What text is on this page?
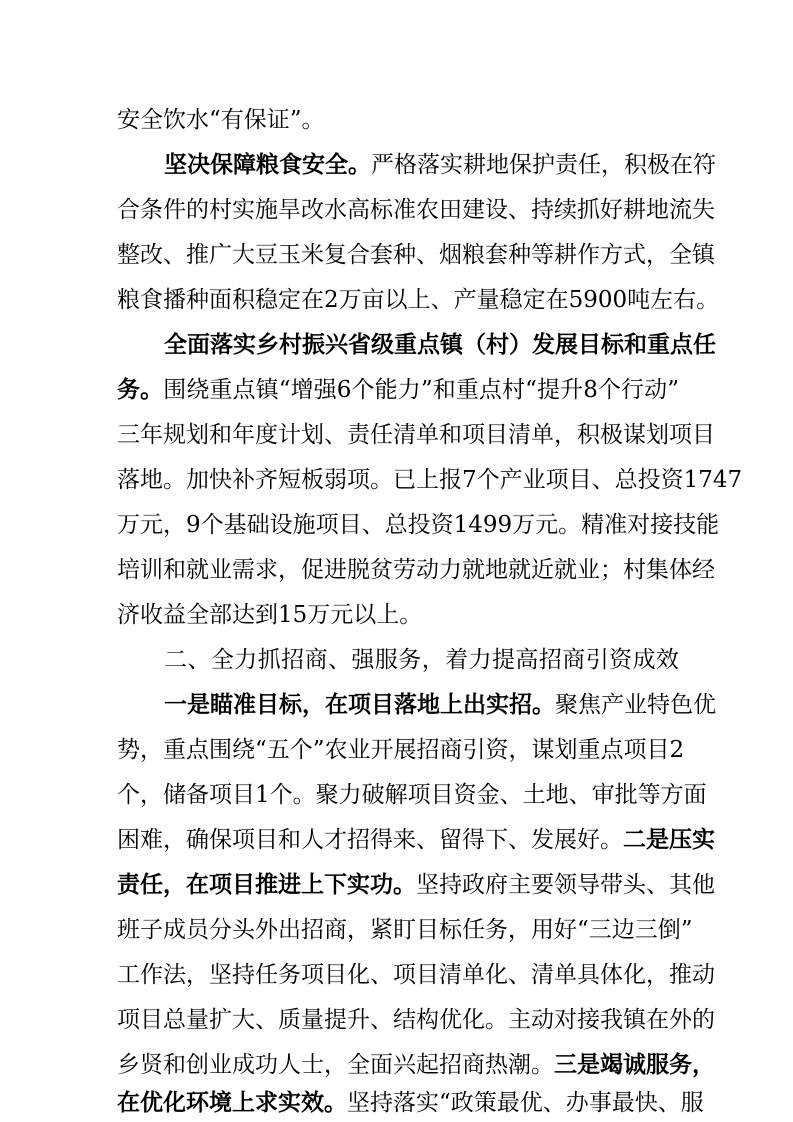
安全饮水“有保证”。
坚决保障粮食安全。严格落实耕地保护责任，积极在符
合条件的村实施旱改水高标准农田建设、持续抓好耕地流失
整改、推广大豆玉米复合套种、烟粮套种等耕作方式，全镇
粮食播种面积稳定在2万亩以上、产量稳定在5900吨左右。
全面落实乡村振兴省级重点镇（村）发展目标和重点任
务。围绕重点镇“增强6个能力”和重点村“提升8个行动”
三年规划和年度计划、责任清单和项目清单，积极谋划项目
落地。加快补齐短板弱项。已上报7个产业项目、总投资1747
万元，9个基础设施项目、总投资1499万元。精准对接技能
培训和就业需求，促进脱贫劳动力就地就近就业；村集体经
济收益全部达到15万元以上。
二、全力抓招商、强服务，着力提高招商引资成效
一是瞄准目标，在项目落地上出实招。聚焦产业特色优
势，重点围绕“五个”农业开展招商引资，谋划重点项目2
个，储备项目1个。聚力破解项目资金、土地、审批等方面
困难，确保项目和人才招得来、留得下、发展好。二是压实
责任，在项目推进上下实功。坚持政府主要领导带头、其他
班子成员分头外出招商，紧盯目标任务，用好“三边三倒”
工作法，坚持任务项目化、项目清单化、清单具体化，推动
项目总量扩大、质量提升、结构优化。主动对接我镇在外的
乡贤和创业成功人士，全面兴起招商热潮。三是竭诚服务，
在优化环境上求实效。坚持落实“政策最优、办事最快、服
